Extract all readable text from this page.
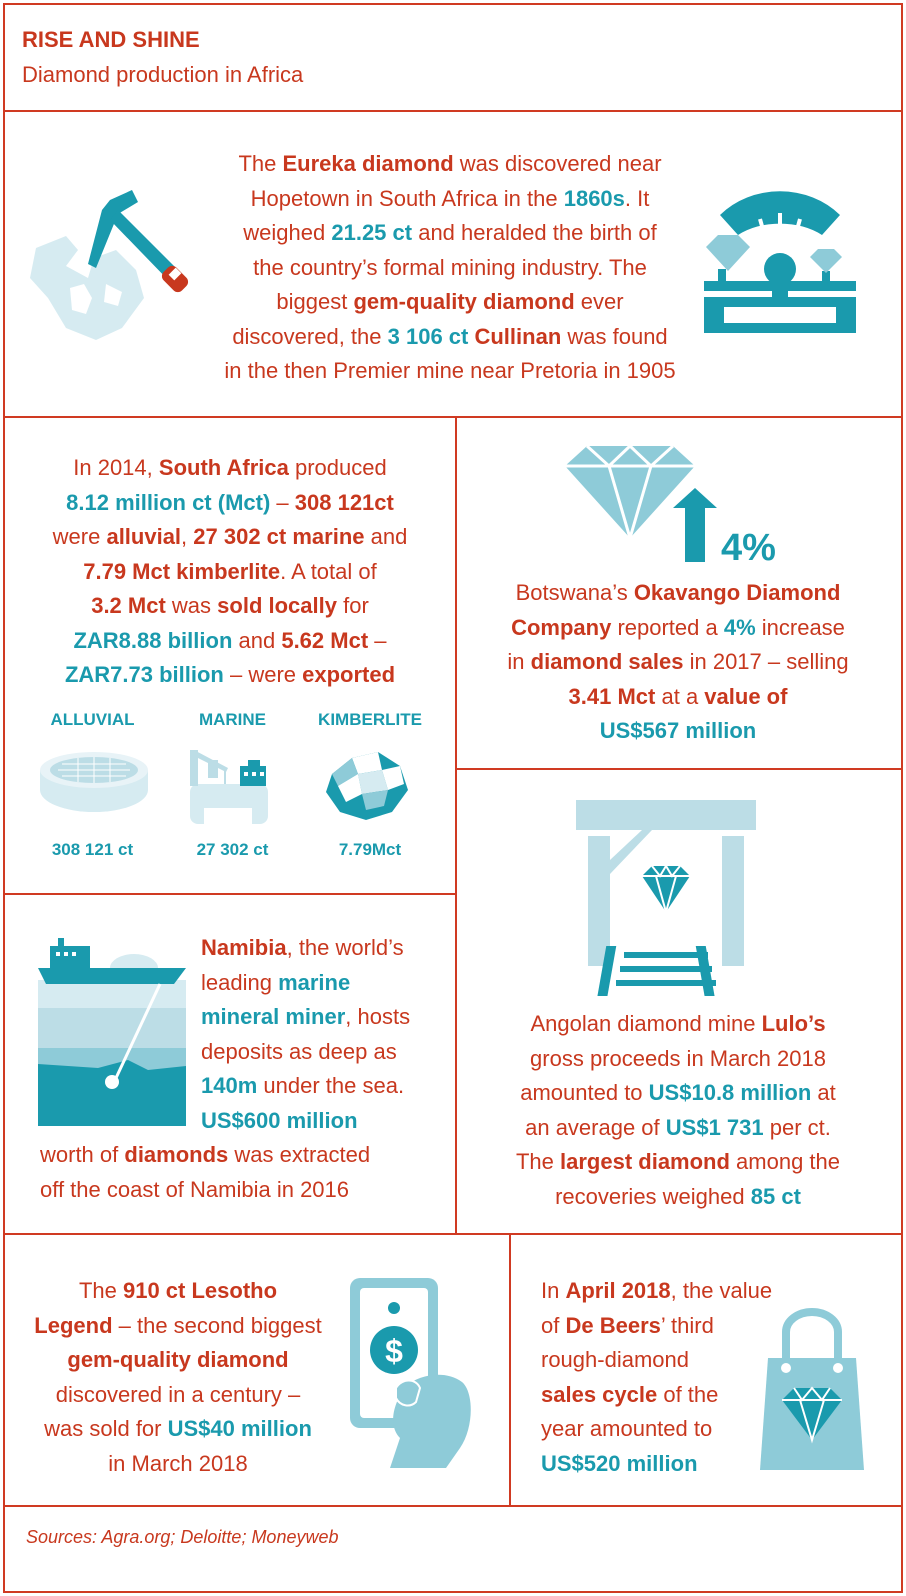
RISE AND SHINE
Diamond production in Africa
The Eureka diamond was discovered near
Hopetown in South Africa in the 1860s. It
weighed 21.25 ct and heralded the birth of
the country’s formal mining industry. The
biggest gem-quality diamond ever
discovered, the 3 106 ct Cullinan was found
in the then Premier mine near Pretoria in 1905
In 2014, South Africa produced
8.12 million ct (Mct) – 308 121ct
were alluvial, 27 302 ct marine and
7.79 Mct kimberlite. A total of
3.2 Mct was sold locally for
ZAR8.88 billion and 5.62 Mct –
ZAR7.73 billion – were exported
ALLUVIAL	MARINE	KIMBERLITE
308 121 ct	27 302 ct	7.79Mct
4%
Botswana’s Okavango Diamond
Company reported a 4% increase
in diamond sales in 2017 – selling
3.41 Mct at a value of
US$567 million
Namibia, the world’s
leading marine
mineral miner, hosts
deposits as deep as
140m under the sea.
US$600 million
worth of diamonds was extracted
off the coast of Namibia in 2016
Angolan diamond mine Lulo’s
gross proceeds in March 2018
amounted to US$10.8 million at
an average of US$1 731 per ct.
The largest diamond among the
recoveries weighed 85 ct
The 910 ct Lesotho
Legend – the second biggest
gem-quality diamond
discovered in a century –
was sold for US$40 million
in March 2018
$
In April 2018, the value
of De Beers’ third
rough-diamond
sales cycle of the
year amounted to
US$520 million
Sources: Agra.org; Deloitte; Moneyweb
